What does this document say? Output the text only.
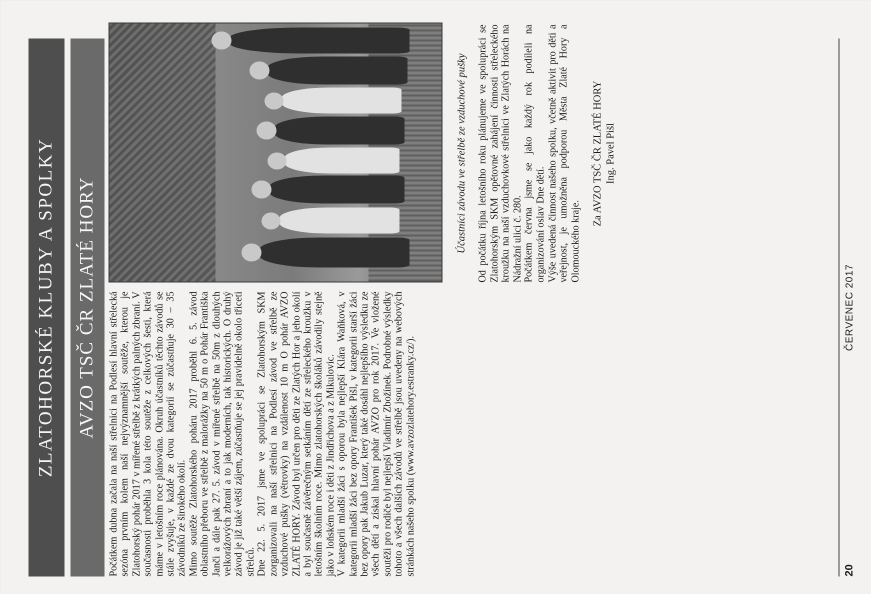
ZLATOHORSKÉ KLUBY A SPOLKY AVZO TSČ ČR ZLATÉ HORY Počátkem dubna začala na naší střelnici na Podlesí hlavní střelecká sezóna prvním kolem naší nejvýznamnější soutěže, kterou je Zlatohorský pohár 2017 v mířené střelbě z krátkých palných zbraní. V současnosti proběhla 3 kola této soutěže z celkových šesti, která máme v letošním roce plánována. Okruh účastníků těchto závodů se stále zvyšuje, v každé ze dvou kategorií se zúčastňuje 30 – 35 závodníků ze širokého okolí. Mimo soutěže Zlatohorského poháru 2017 proběhl 6. 5. závod oblastního přeboru ve střelbě z malorážky na 50 m o Pohár Františka Janči a dále pak 27. 5. závod v mířené střelbě na 50m z dlouhých velkorážových zbraní a to jak moderních, tak historických. O druhý závod je již také větší zájem, zúčastňuje se jej pravidelně okolo třiceti střelců. Dne 22. 5. 2017 jsme ve spolupráci se Zlatohorským SKM zorganizovali na naší střelnici na Podlesí závod ve střelbě ze vzduchové pušky (větrovky) na vzdálenost 10 m O pohár AVZO ZLATÉ HORY. Závod byl určen pro děti ze Zlatých Hor a jeho okolí a byl současně závěrečným setkáním dětí ze střeleckého kroužku v letošním školním roce. Mimo zlatohorských školáků závodily stejně jako v loňském roce i děti z Jindřichova a z Mikulovic. V kategorii mladší žáci s oporou byla nejlepší Klára Waňková, v kategorii mladší žáci bez opory František Pišl, v kategorii starší žáci bez opory pak Jakub Luzar, který také dosáhl nejlepšího výsledku ze všech dětí a získal hlavní pohár AVZO pro rok 2017. Ve vložené soutěži pro rodiče byl nejlepší Vladimír Zbožínek. Podrobné výsledky tohoto a všech dalších závodů ve střelbě jsou uvedeny na webových stránkách našeho spolku (www.avzozlatehory.estranky.cz/).

Účastníci závodu ve střelbě ze vzduchové pušky Od počátku října letošního roku plánujeme ve spolupráci se Zlatohorským SKM opětovné zahájení činnosti střeleckého kroužku na naší vzduchovkové střelnici ve Zlatých Horách na Nádražní ulici č. 280. Počátkem června jsme se jako každý rok podíleli na organizování oslav Dne dětí. Výše uvedená činnost našeho spolku, včetně aktivit pro děti a veřejnost, je umožněna podporou Města Zlaté Hory a Olomouckého kraje.

Za AVZO TSČ ČR ZLATÉ HORY Ing. Pavel Pišl
20
ČERVENEC 2017
